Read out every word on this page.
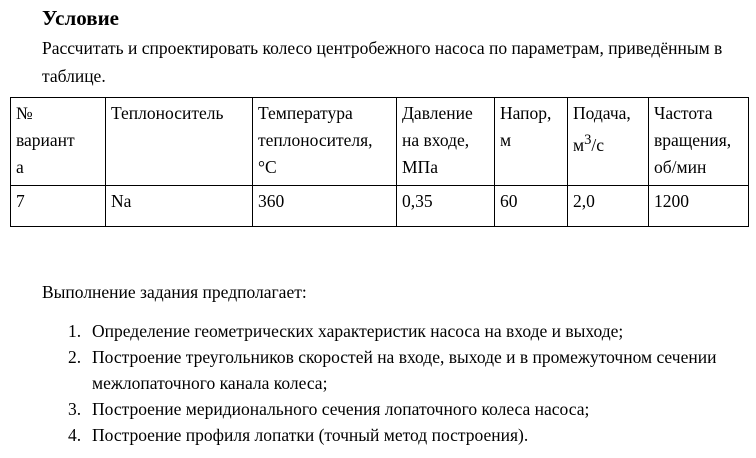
Условие
Рассчитать и спроектировать колесо центробежного насоса по параметрам, приведённым в таблице.
№
вариант
а	Теплоноситель	Температура теплоносителя, °С	Давление на входе, МПа	Напор, м	Подача, $м^3/с$	Частота вращения, об/мин
7	Na	360	0,35	60	2,0	1200
Выполнение задания предполагает:
1. Определение геометрических характеристик насоса на входе и выходе;
2. Построение треугольников скоростей на входе, выходе и в промежуточном сечении межлопаточного канала колеса;
3. Построение меридионального сечения лопаточного колеса насоса;
4. Построение профиля лопатки (точный метод построения).
